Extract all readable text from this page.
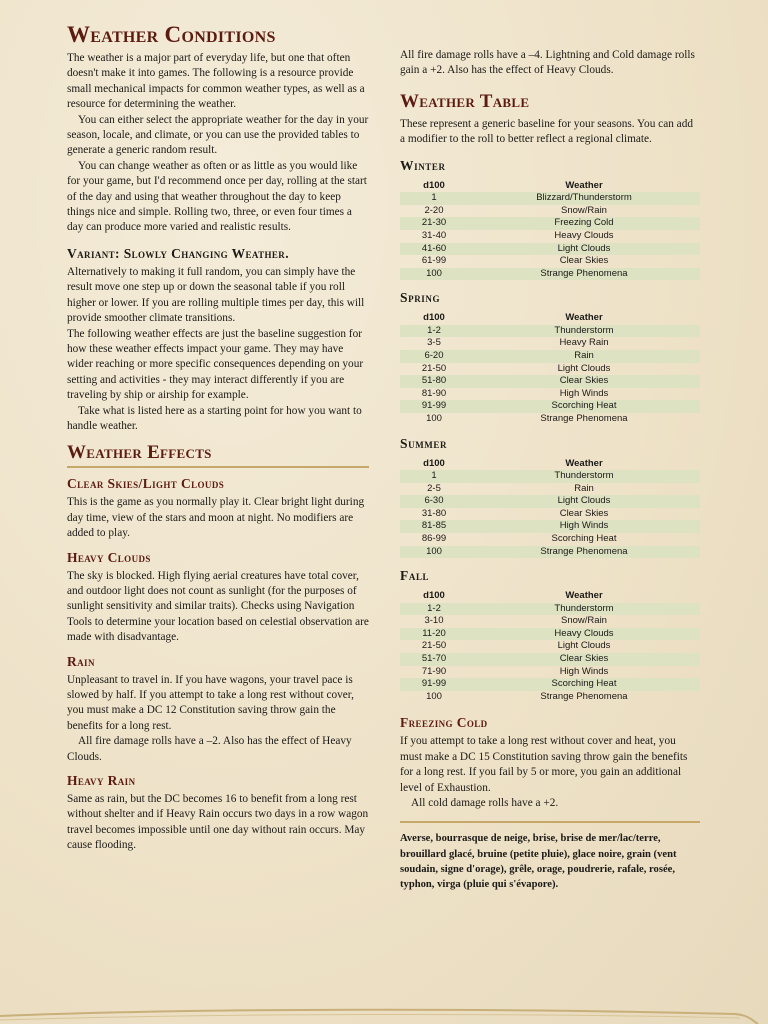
Weather Conditions

The weather is a major part of everyday life, but one that often doesn't make it into games. The following is a resource provide small mechanical impacts for common weather types, as well as a resource for determining the weather.

You can either select the appropriate weather for the day in your season, locale, and climate, or you can use the provided tables to generate a generic random result.

You can change weather as often or as little as you would like for your game, but I'd recommend once per day, rolling at the start of the day and using that weather throughout the day to keep things nice and simple. Rolling two, three, or even four times a day can produce more varied and realistic results.

Variant: Slowly Changing Weather.

Alternatively to making it full random, you can simply have the result move one step up or down the seasonal table if you roll higher or lower. If you are rolling multiple times per day, this will provide smoother climate transitions.

The following weather effects are just the baseline suggestion for how these weather effects impact your game. They may have wider reaching or more specific consequences depending on your setting and activities - they may interact differently if you are traveling by ship or airship for example.

Take what is listed here as a starting point for how you want to handle weather.

Weather Effects
Clear Skies/Light Clouds

This is the game as you normally play it. Clear bright light during day time, view of the stars and moon at night. No modifiers are added to play.

Heavy Clouds

The sky is blocked. High flying aerial creatures have total cover, and outdoor light does not count as sunlight (for the purposes of sunlight sensitivity and similar traits). Checks using Navigation Tools to determine your location based on celestial observation are made with disadvantage.

Rain

Unpleasant to travel in. If you have wagons, your travel pace is slowed by half. If you attempt to take a long rest without cover, you must make a DC 12 Constitution saving throw gain the benefits for a long rest.

All fire damage rolls have a –2. Also has the effect of Heavy Clouds.

Heavy Rain

Same as rain, but the DC becomes 16 to benefit from a long rest without shelter and if Heavy Rain occurs two days in a row wagon travel becomes impossible until one day without rain occurs. May cause flooding.

All fire damage rolls have a –4. Lightning and Cold damage rolls gain a +2. Also has the effect of Heavy Clouds.

Weather Table

These represent a generic baseline for your seasons. You can add a modifier to the roll to better reflect a regional climate.

Winter
d100	Weather
1	Blizzard/Thunderstorm
2-20	Snow/Rain
21-30	Freezing Cold
31-40	Heavy Clouds
41-60	Light Clouds
61-99	Clear Skies
100	Strange Phenomena
Spring
d100	Weather
1-2	Thunderstorm
3-5	Heavy Rain
6-20	Rain
21-50	Light Clouds
51-80	Clear Skies
81-90	High Winds
91-99	Scorching Heat
100	Strange Phenomena
Summer
d100	Weather
1	Thunderstorm
2-5	Rain
6-30	Light Clouds
31-80	Clear Skies
81-85	High Winds
86-99	Scorching Heat
100	Strange Phenomena
Fall
d100	Weather
1-2	Thunderstorm
3-10	Snow/Rain
11-20	Heavy Clouds
21-50	Light Clouds
51-70	Clear Skies
71-90	High Winds
91-99	Scorching Heat
100	Strange Phenomena
Freezing Cold

If you attempt to take a long rest without cover and heat, you must make a DC 15 Constitution saving throw gain the benefits for a long rest. If you fail by 5 or more, you gain an additional level of Exhaustion.

All cold damage rolls have a +2.

Averse, bourrasque de neige, brise, brise de mer/lac/terre, brouillard glacé, bruine (petite pluie), glace noire, grain (vent soudain, signe d'orage), grêle, orage, poudrerie, rafale, rosée, typhon, virga (pluie qui s'évapore).
